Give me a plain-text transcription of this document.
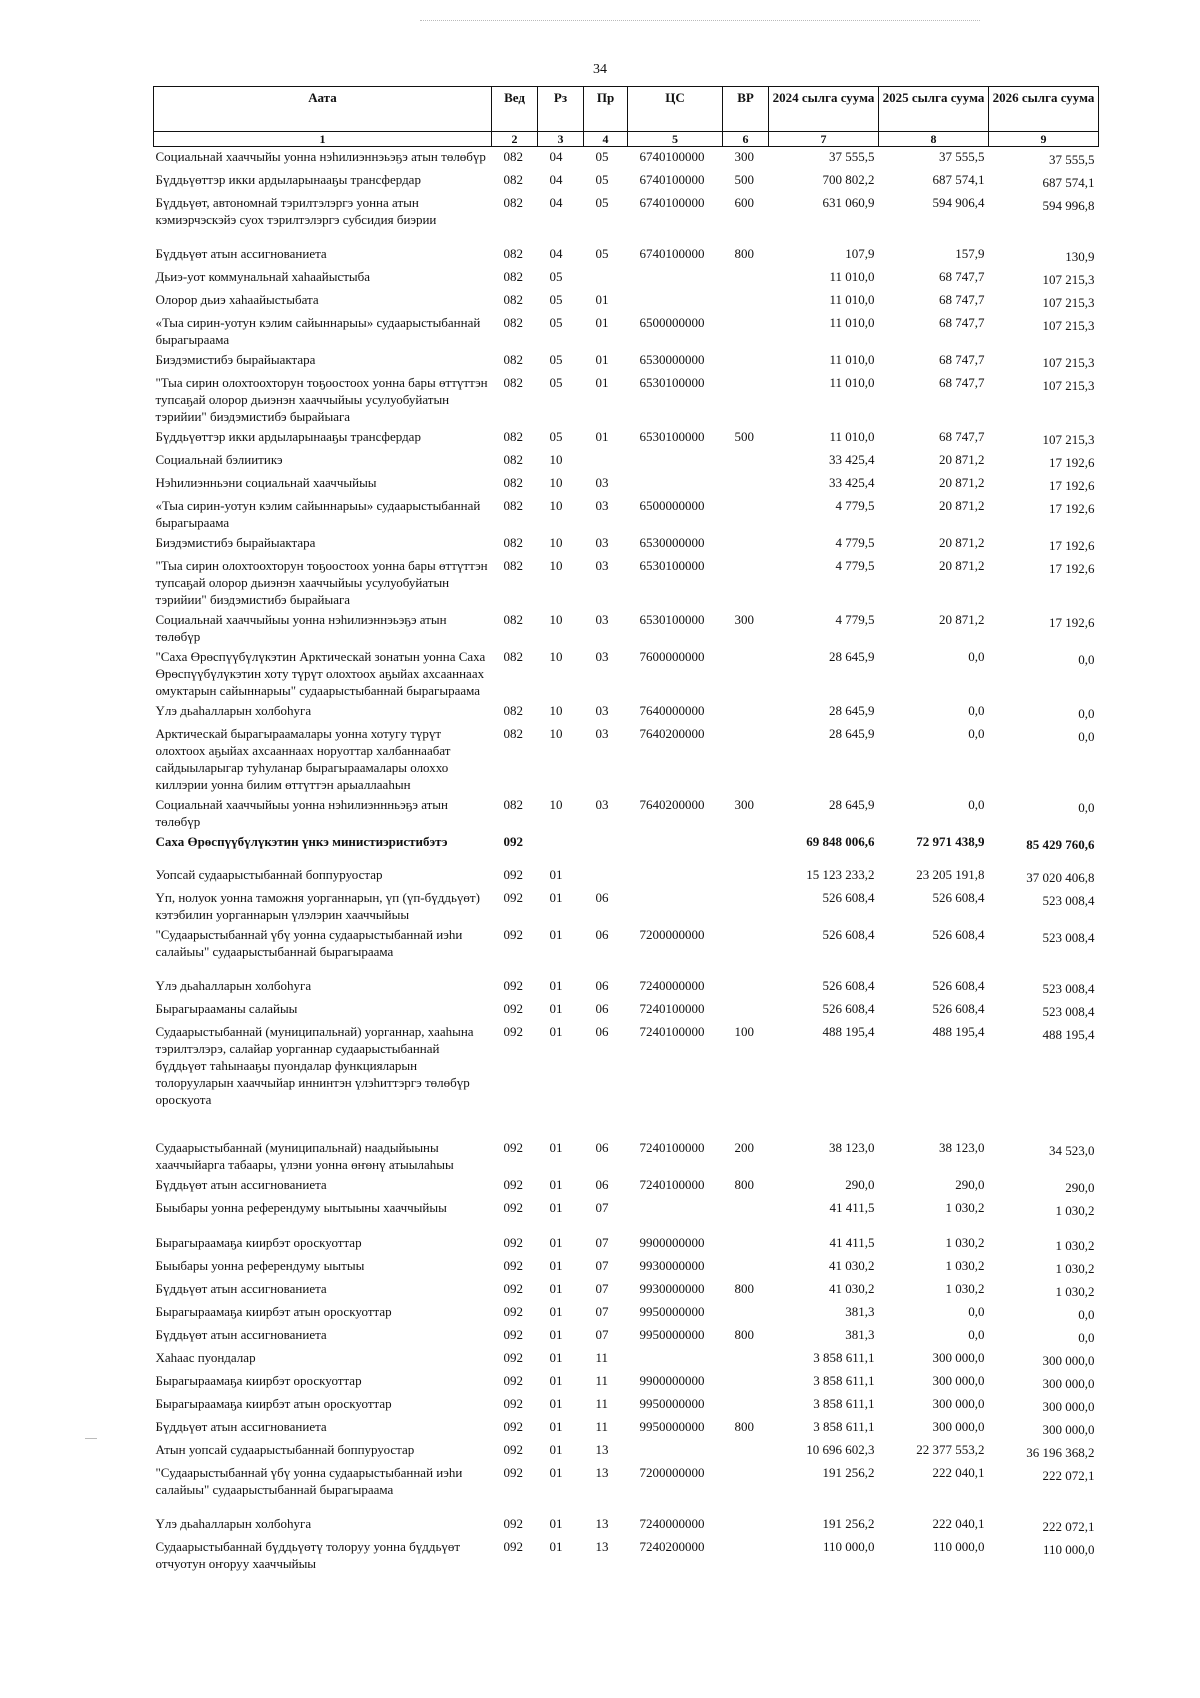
34
Аата	Вед	Рз	Пр	ЦС	ВР	2024 сылга суума	2025 сылга суума	2026 сылга суума
1	2	3	4	5	6	7	8	9
Социальнай хааччыйы уонна нэһилиэннэьэҕэ атын төлөбүр	082	04	05	6740100000	300	37 555,5	37 555,5	37 555,5
Бүддьүөттэр икки ардыларынааҕы трансфердар	082	04	05	6740100000	500	700 802,2	687 574,1	687 574,1
Бүддьүөт, автономнай тэрилтэлэргэ уонна атын кэмиэрчэскэйэ суох тэрилтэлэргэ субсидия биэрии	082	04	05	6740100000	600	631 060,9	594 906,4	594 996,8
Бүддьүөт атын ассигнованиета	082	04	05	6740100000	800	107,9	157,9	130,9
Дьиэ-уот коммунальнай хаһаайыстыба	082	05				11 010,0	68 747,7	107 215,3
Олорор дьиэ хаһаайыстыбата	082	05	01			11 010,0	68 747,7	107 215,3
«Тыа сирин-уотун кэлим сайыннарыы» судаарыстыбаннай бырагыраама	082	05	01	6500000000		11 010,0	68 747,7	107 215,3
Биэдэмистибэ бырайыактара	082	05	01	6530000000		11 010,0	68 747,7	107 215,3
"Тыа сирин олохтоохторун тоҕоостоох уонна бары өттүттэн тупсаҕай олорор дьиэнэн хааччыйыы усулуобуйатын тэрийии" биэдэмистибэ бырайыага	082	05	01	6530100000		11 010,0	68 747,7	107 215,3
Бүддьүөттэр икки ардыларынааҕы трансфердар	082	05	01	6530100000	500	11 010,0	68 747,7	107 215,3
Социальнай бэлиитикэ	082	10				33 425,4	20 871,2	17 192,6
Нэһилиэнньэни социальнай хааччыйыы	082	10	03			33 425,4	20 871,2	17 192,6
«Тыа сирин-уотун кэлим сайыннарыы» судаарыстыбаннай бырагыраама	082	10	03	6500000000		4 779,5	20 871,2	17 192,6
Биэдэмистибэ бырайыактара	082	10	03	6530000000		4 779,5	20 871,2	17 192,6
"Тыа сирин олохтоохторун тоҕоостоох уонна бары өттүттэн тупсаҕай олорор дьиэнэн хааччыйыы усулуобуйатын тэрийии" биэдэмистибэ бырайыага	082	10	03	6530100000		4 779,5	20 871,2	17 192,6
Социальнай хааччыйыы уонна нэһилиэннэьэҕэ атын төлөбүр	082	10	03	6530100000	300	4 779,5	20 871,2	17 192,6
"Саха Өрөспүүбүлүкэтин Арктическай зонатын уонна Саха Өрөспүүбүлүкэтин хоту түрүт олохтоох аҕыйах ахсааннаах омуктарын сайыннарыы" судаарыстыбаннай бырагыраама	082	10	03	7600000000		28 645,9	0,0	0,0
Үлэ дьаһалларын холбоһуга	082	10	03	7640000000		28 645,9	0,0	0,0
Арктическай бырагыраамалары уонна хотугу түрүт олохтоох аҕыйах ахсааннаах норуоттар халбаннаабат сайдыыларыгар туһуланар бырагыраамалары олоххо киллэрии уонна билим өттүттэн арыаллааһын	082	10	03	7640200000		28 645,9	0,0	0,0
Социальнай хааччыйыы уонна нэһилиэннньэҕэ атын төлөбүр	082	10	03	7640200000	300	28 645,9	0,0	0,0
Саха Өрөспүүбүлүкэтин үнкэ министиэристибэтэ	092					69 848 006,6	72 971 438,9	85 429 760,6
Уопсай судаарыстыбаннай боппуруостар	092	01				15 123 233,2	23 205 191,8	37 020 406,8
Үп, нолуок уонна таможня уорганнарын, үп (үп-бүддьүөт) кэтэбилин уорганнарын үлэлэрин хааччыйыы	092	01	06			526 608,4	526 608,4	523 008,4
"Судаарыстыбаннай үбү уонна судаарыстыбаннай иэһи салайыы" судаарыстыбаннай бырагыраама	092	01	06	7200000000		526 608,4	526 608,4	523 008,4
Үлэ дьаһалларын холбоһуга	092	01	06	7240000000		526 608,4	526 608,4	523 008,4
Бырагырааманы салайыы	092	01	06	7240100000		526 608,4	526 608,4	523 008,4
Судаарыстыбаннай (муниципальнай) уорганнар, хааһына тэрилтэлэрэ, салайар уорганнар судаарыстыбаннай бүддьүөт таһынааҕы пуондалар функцияларын толорууларын хааччыйар иннинтэн үлэһиттэргэ төлөбүр ороскуота	092	01	06	7240100000	100	488 195,4	488 195,4	488 195,4
Судаарыстыбаннай (муниципальнай) наадыйыыны хааччыйарга табаары, үлэни уонна өҥөнү атыылаһыы	092	01	06	7240100000	200	38 123,0	38 123,0	34 523,0
Бүддьүөт атын ассигнованиета	092	01	06	7240100000	800	290,0	290,0	290,0
Быыбары уонна референдуму ыытыыны хааччыйыы	092	01	07			41 411,5	1 030,2	1 030,2
Бырагыраамаҕа киирбэт ороскуоттар	092	01	07	9900000000		41 411,5	1 030,2	1 030,2
Быыбары уонна референдуму ыытыы	092	01	07	9930000000		41 030,2	1 030,2	1 030,2
Бүддьүөт атын ассигнованиета	092	01	07	9930000000	800	41 030,2	1 030,2	1 030,2
Бырагыраамаҕа киирбэт атын ороскуоттар	092	01	07	9950000000		381,3	0,0	0,0
Бүддьүөт атын ассигнованиета	092	01	07	9950000000	800	381,3	0,0	0,0
Хаһаас пуондалар	092	01	11			3 858 611,1	300 000,0	300 000,0
Бырагыраамаҕа киирбэт ороскуоттар	092	01	11	9900000000		3 858 611,1	300 000,0	300 000,0
Бырагыраамаҕа киирбэт атын ороскуоттар	092	01	11	9950000000		3 858 611,1	300 000,0	300 000,0
Бүддьүөт атын ассигнованиета	092	01	11	9950000000	800	3 858 611,1	300 000,0	300 000,0
Атын уопсай судаарыстыбаннай боппуруостар	092	01	13			10 696 602,3	22 377 553,2	36 196 368,2
"Судаарыстыбаннай үбү уонна судаарыстыбаннай иэһи салайыы" судаарыстыбаннай бырагыраама	092	01	13	7200000000		191 256,2	222 040,1	222 072,1
Үлэ дьаһалларын холбоһуга	092	01	13	7240000000		191 256,2	222 040,1	222 072,1
Судаарыстыбаннай бүддьүөтү толоруу уонна бүддьүөт отчуотун оҥоруу хааччыйыы	092	01	13	7240200000		110 000,0	110 000,0	110 000,0
